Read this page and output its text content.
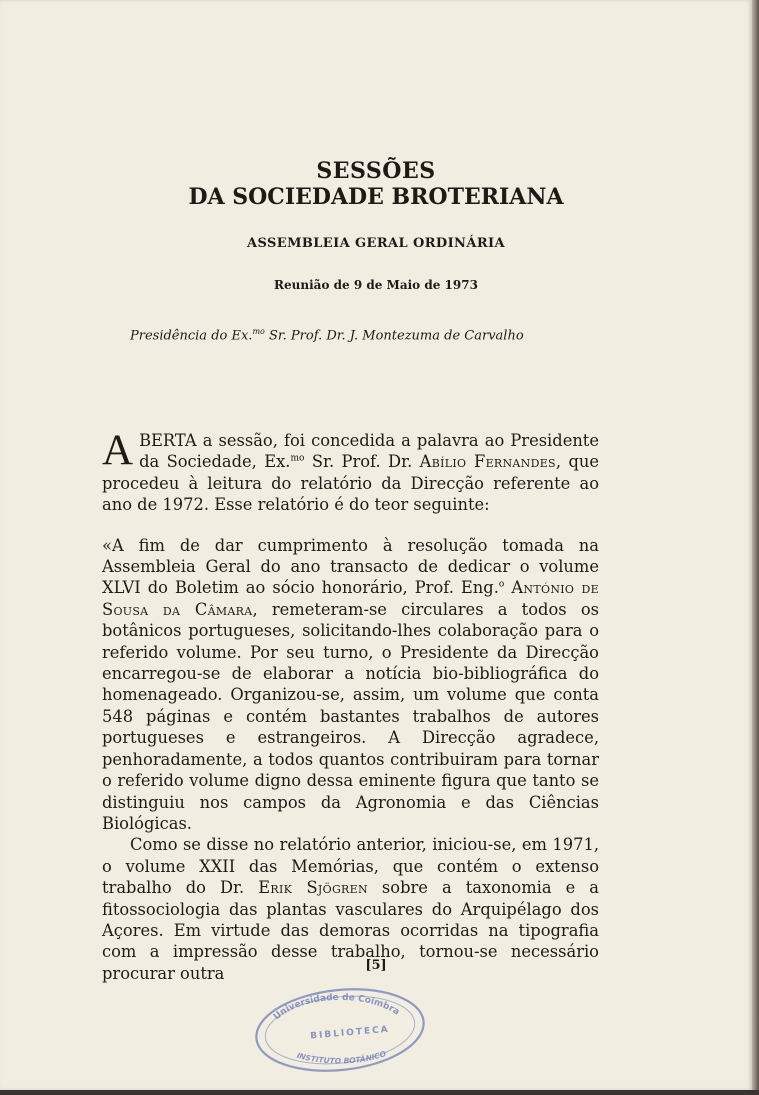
SESSÕES
DA SOCIEDADE BROTERIANA
ASSEMBLEIA GERAL ORDINÁRIA
Reunião de 9 de Maio de 1973
Presidência do Ex.$^{mo}$ Sr. Prof. Dr. J. Montezuma de Carvalho

ABERTA a sessão, foi concedida a palavra ao Presidente da Sociedade, Ex.$^{mo}$ Sr. Prof. Dr. Abílio Fernandes, que procedeu à leitura do relatório da Direcção referente ao ano de 1972. Esse relatório é do teor seguinte:

«A fim de dar cumprimento à resolução tomada na Assembleia Geral do ano transacto de dedicar o volume XLVI do Boletim ao sócio honorário, Prof. Eng.$^o$ António de Sousa da Câmara, remeteram-se circulares a todos os botânicos portugueses, solicitando-lhes colaboração para o referido volume. Por seu turno, o Presidente da Direcção encarregou-se de elaborar a notícia bio-bibliográfica do homenageado. Organizou-se, assim, um volume que conta 548 páginas e contém bastantes trabalhos de autores portugueses e estrangeiros. A Direcção agradece, penhoradamente, a todos quantos contribuiram para tornar o referido volume digno dessa eminente figura que tanto se distinguiu nos campos da Agronomia e das Ciências Biológicas.

Como se disse no relatório anterior, iniciou-se, em 1971, o volume XXII das Memórias, que contém o extenso trabalho do Dr. Erik Sjögren sobre a taxonomia e a fitossociologia das plantas vasculares do Arquipélago dos Açores. Em virtude das demoras ocorridas na tipografia com a impressão desse trabalho, tornou-se necessário procurar outra	[5]
Universidade de Coimbra
BIBLIOTECA
INSTITUTO BOTÂNICO
